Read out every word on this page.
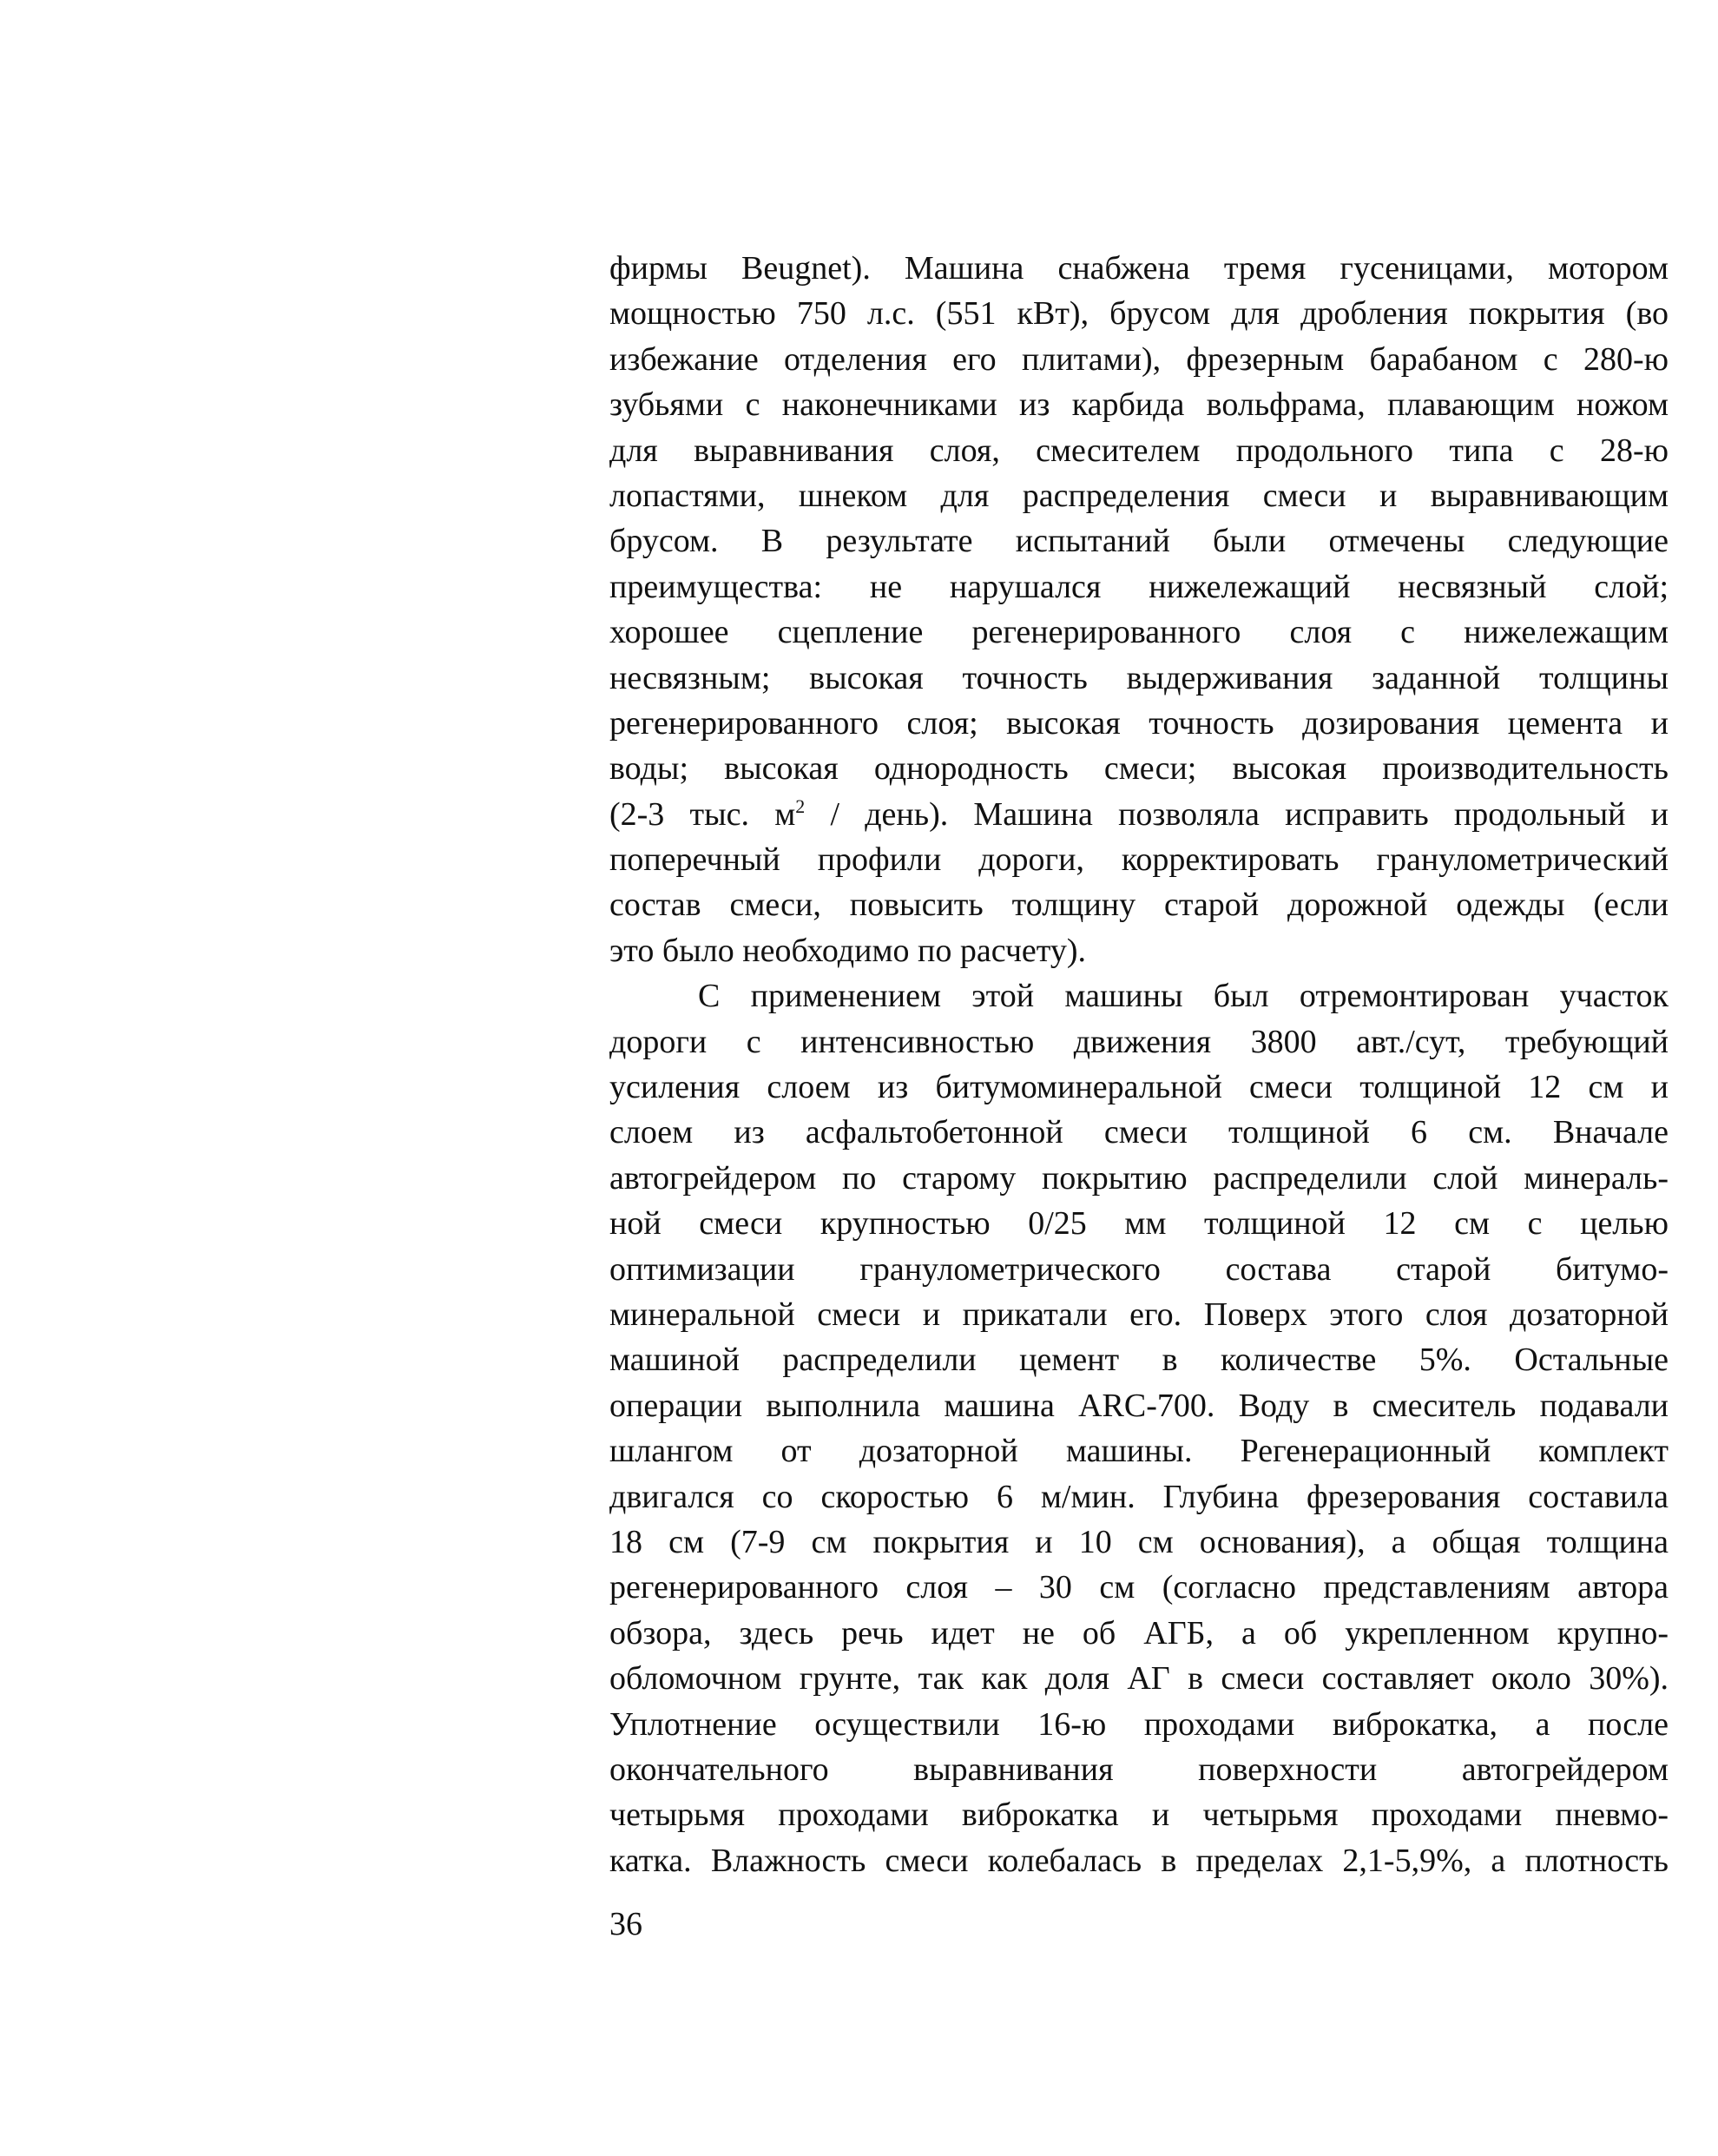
фирмы Beugnet). Машина снабжена тремя гусеницами, мотором
мощностью 750 л.с. (551 кВт), брусом для дробления покрытия (во
избежание отделения его плитами), фрезерным барабаном с 280-ю
зубьями с наконечниками из карбида вольфрама, плавающим ножом
для выравнивания слоя, смесителем продольного типа с 28-ю
лопастями, шнеком для распределения смеси и выравнивающим
брусом. В результате испытаний были отмечены следующие
преимущества: не нарушался нижележащий несвязный слой;
хорошее сцепление регенерированного слоя с нижележащим
несвязным; высокая точность выдерживания заданной толщины
регенерированного слоя; высокая точность дозирования цемента и
воды; высокая однородность смеси; высокая производительность
(2-3 тыс. $м^2$ / день). Машина позволяла исправить продольный и
поперечный профили дороги, корректировать гранулометрический
состав смеси, повысить толщину старой дорожной одежды (если
это было необходимо по расчету).
С применением этой машины был отремонтирован участок
дороги с интенсивностью движения 3800 авт./сут, требующий
усиления слоем из битумоминеральной смеси толщиной 12 см и
слоем из асфальтобетонной смеси толщиной 6 см. Вначале
автогрейдером по старому покрытию распределили слой минераль-
ной смеси крупностью 0/25 мм толщиной 12 см с целью
оптимизации гранулометрического состава старой битумо-
минеральной смеси и прикатали его. Поверх этого слоя дозаторной
машиной распределили цемент в количестве 5%. Остальные
операции выполнила машина ARC-700. Воду в смеситель подавали
шлангом от дозаторной машины. Регенерационный комплект
двигался со скоростью 6 м/мин. Глубина фрезерования составила
18 см (7-9 см покрытия и 10 см основания), а общая толщина
регенерированного слоя – 30 см (согласно представлениям автора
обзора, здесь речь идет не об АГБ, а об укрепленном крупно-
обломочном грунте, так как доля АГ в смеси составляет около 30%).
Уплотнение осуществили 16-ю проходами виброкатка, а после
окончательного выравнивания поверхности автогрейдером
четырьмя проходами виброкатка и четырьмя проходами пневмо-
катка. Влажность смеси колебалась в пределах 2,1-5,9%, а плотность
36
